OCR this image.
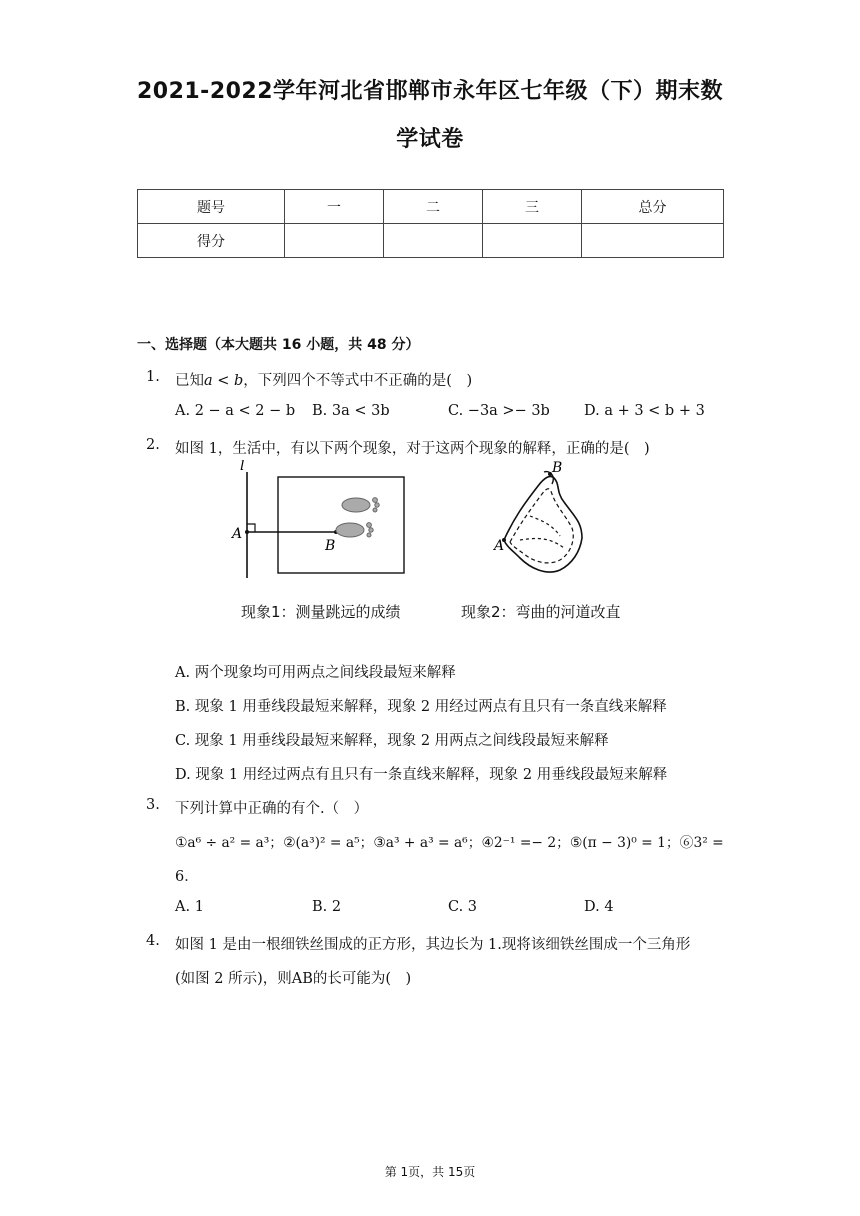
2021-2022学年河北省邯郸市永年区七年级（下）期末数
学试卷
题号	一	二	三	总分
得分				
一、选择题（本大题共 16 小题，共 48 分）
1. 已知a < b，下列四个不等式中不正确的是(　)
A. 2 − a < 2 − b B. 3a < 3b	C. −3a >− 3b D. a + 3 < b + 3
2. 如图 1，生活中，有以下两个现象，对于这两个现象的解释，正确的是(　)
l
A
B
B
A
现象1：测量跳远的成绩	现象2：弯曲的河道改直
A. 两个现象均可用两点之间线段最短来解释
B. 现象 1 用垂线段最短来解释，现象 2 用经过两点有且只有一条直线来解释
C. 现象 1 用垂线段最短来解释，现象 2 用两点之间线段最短来解释
D. 现象 1 用经过两点有且只有一条直线来解释，现象 2 用垂线段最短来解释
3. 下列计算中正确的有个.（　）
①a⁶ ÷ a² = a³；②(a³)² = a⁵；③a³ + a³ = a⁶；④2⁻¹ =− 2；⑤(π − 3)⁰ = 1；⑥3² =
6．
A. 1	B. 2	C. 3	D. 4
4. 如图 1 是由一根细铁丝围成的正方形，其边长为 1.现将该细铁丝围成一个三角形
(如图 2 所示)，则AB的长可能为(　)
第 1页，共 15页
